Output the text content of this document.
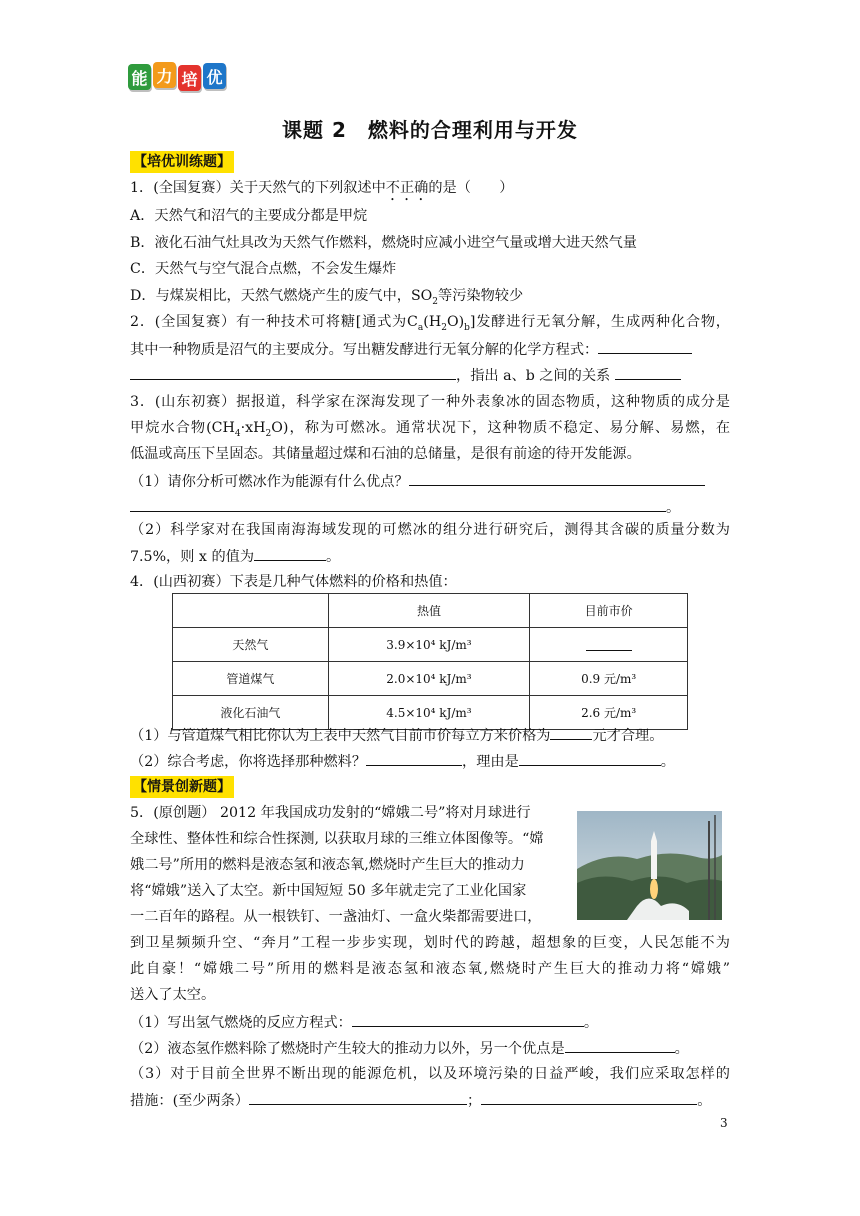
能 力 培 优
课题 2　燃料的合理利用与开发
【培优训练题】
1．(全国复赛）关于天然气的下列叙述中不正确的是（　　）
A．天然气和沼气的主要成分都是甲烷
B．液化石油气灶具改为天然气作燃料，燃烧时应减小进空气量或增大进天然气量
C．天然气与空气混合点燃，不会发生爆炸
D．与煤炭相比，天然气燃烧产生的废气中，$SO_2$等污染物较少
2．(全国复赛）有一种技术可将糖[通式为$C_a(H_2O)_b$]发酵进行无氧分解，生成两种化合物，
其中一种物质是沼气的主要成分。写出糖发酵进行无氧分解的化学方程式：
，指出 a、b 之间的关系
3．(山东初赛）据报道，科学家在深海发现了一种外表象冰的固态物质，这种物质的成分是
甲烷水合物$(CH_4\cdot xH_2O)$，称为可燃冰。通常状况下，这种物质不稳定、易分解、易燃，在
低温或高压下呈固态。其储量超过煤和石油的总储量，是很有前途的待开发能源。
（1）请你分析可燃冰作为能源有什么优点？
。
（2）科学家对在我国南海海域发现的可燃冰的组分进行研究后，测得其含碳的质量分数为
7.5%，则 x 的值为	。
4．(山西初赛）下表是几种气体燃料的价格和热值：
	热值	目前市价
天然气	3.9×10⁴ kJ/m³	
管道煤气	2.0×10⁴ kJ/m³	0.9 元/m³
液化石油气	4.5×10⁴ kJ/m³	2.6 元/m³
（1）与管道煤气相比你认为上表中天然气目前市价每立方米价格为	元才合理。
（2）综合考虑，你将选择那种燃料？	，理由是	。
【情景创新题】
5．(原创题） 2012 年我国成功发射的“嫦娥二号”将对月球进行
全球性、整体性和综合性探测, 以获取月球的三维立体图像等。“嫦
娥二号”所用的燃料是液态氢和液态氧,燃烧时产生巨大的推动力
将“嫦娥”送入了太空。新中国短短 50 多年就走完了工业化国家
一二百年的路程。从一根铁钉、一盏油灯、一盒火柴都需要进口，
到卫星频频升空、“奔月”工程一步步实现，划时代的跨越，超想象的巨变，人民怎能不为
此自豪！“嫦娥二号”所用的燃料是液态氢和液态氧,燃烧时产生巨大的推动力将“嫦娥”
送入了太空。
（1）写出氢气燃烧的反应方程式：	。
（2）液态氢作燃料除了燃烧时产生较大的推动力以外，另一个优点是	。
（3）对于目前全世界不断出现的能源危机，以及环境污染的日益严峻，我们应采取怎样的
措施：(至少两条）	；	。
3
